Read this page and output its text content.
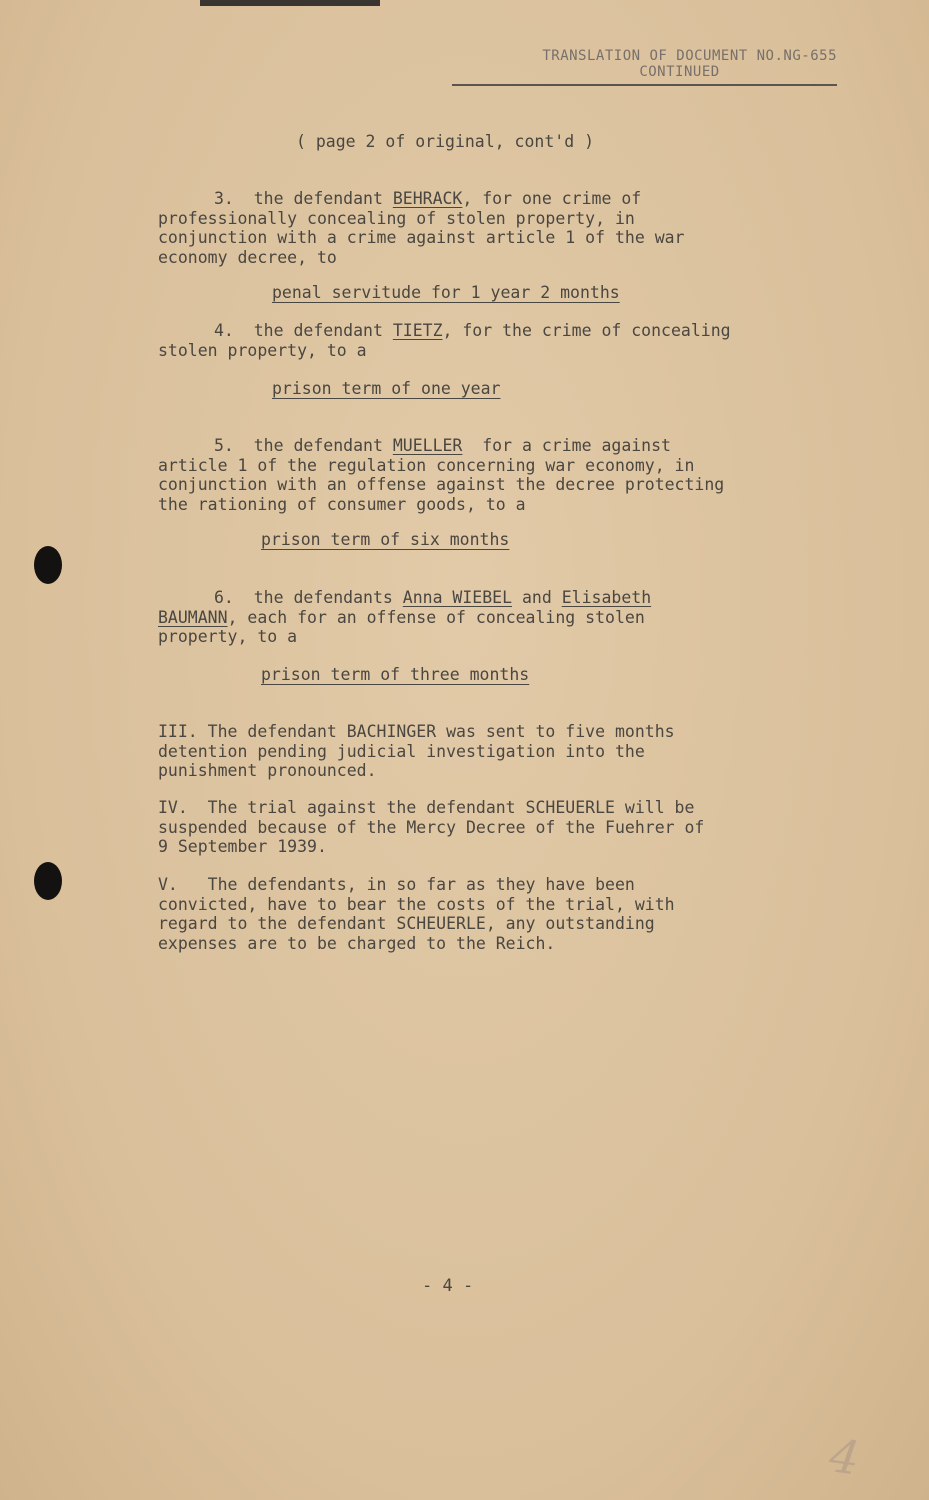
TRANSLATION OF DOCUMENT NO.NG-655
CONTINUED
( page 2 of original, cont'd )
3. the defendant BEHRACK, for one crime of
professionally concealing of stolen property, in
conjunction with a crime against article 1 of the war
economy decree, to
penal servitude for 1 year 2 months
4. the defendant TIETZ, for the crime of concealing
stolen property, to a
prison term of one year
5. the defendant MUELLER  for a crime against
article 1 of the regulation concerning war economy, in
conjunction with an offense against the decree protecting
the rationing of consumer goods, to a
prison term of six months
6. the defendants Anna WIEBEL and Elisabeth
BAUMANN, each for an offense of concealing stolen
property, to a
prison term of three months
III. The defendant BACHINGER was sent to five months
detention pending judicial investigation into the
punishment pronounced.
IV.  The trial against the defendant SCHEUERLE will be
suspended because of the Mercy Decree of the Fuehrer of
9 September 1939.
V.   The defendants, in so far as they have been
convicted, have to bear the costs of the trial, with
regard to the defendant SCHEUERLE, any outstanding
expenses are to be charged to the Reich.
- 4 -
4
